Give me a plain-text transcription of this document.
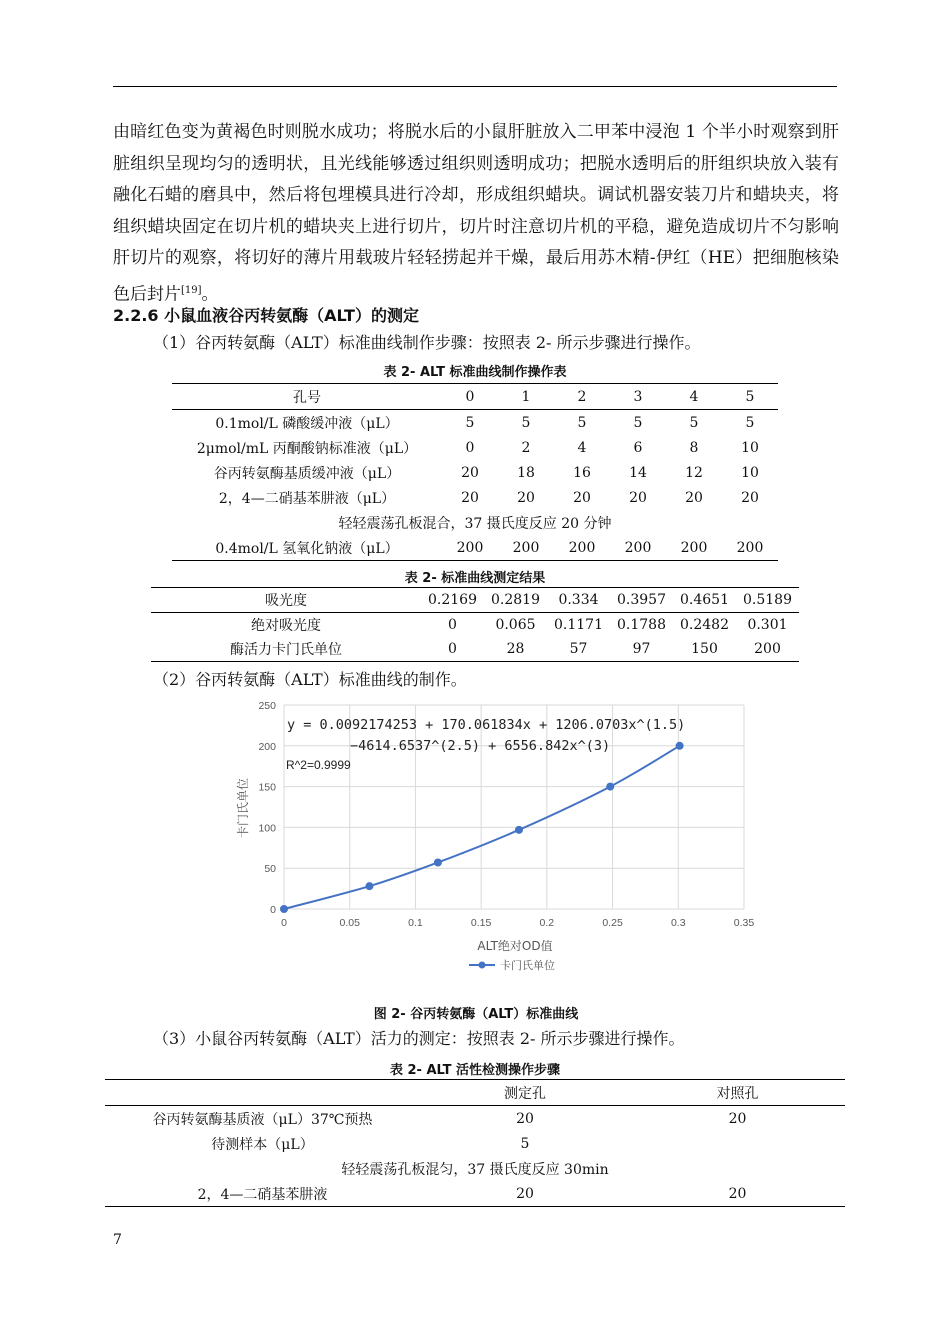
由暗红色变为黄褐色时则脱水成功；将脱水后的小鼠肝脏放入二甲苯中浸泡 1 个半小时观察到肝脏组织呈现均匀的透明状，且光线能够透过组织则透明成功；把脱水透明后的肝组织块放入装有融化石蜡的磨具中，然后将包埋模具进行冷却，形成组织蜡块。调试机器安装刀片和蜡块夹，将组织蜡块固定在切片机的蜡块夹上进行切片，切片时注意切片机的平稳，避免造成切片不匀影响肝切片的观察，将切好的薄片用载玻片轻轻捞起并干燥，最后用苏木精-伊红（HE）把细胞核染色后封片[19]。

2.2.6 小鼠血液谷丙转氨酶（ALT）的测定
（1）谷丙转氨酶（ALT）标准曲线制作步骤：按照表 2- 所示步骤进行操作。
表 2- ALT 标准曲线制作操作表
孔号	0	1	2	3	4	5
0.1mol/L 磷酸缓冲液（μL）	5	5	5	5	5	5
2μmol/mL 丙酮酸钠标准液（μL）	0	2	4	6	8	10
谷丙转氨酶基质缓冲液（μL）	20	18	16	14	12	10
2，4—二硝基苯肼液（μL）	20	20	20	20	20	20
轻轻震荡孔板混合，37 摄氏度反应 20 分钟						
0.4mol/L 氢氧化钠液（μL）	200	200	200	200	200	200
表 2- 标准曲线测定结果
吸光度	0.2169	0.2819	0.334	0.3957	0.4651	0.5189
绝对吸光度	0	0.065	0.1171	0.1788	0.2482	0.301
酶活力卡门氏单位	0	28	57	97	150	200
（2）谷丙转氨酶（ALT）标准曲线的制作。
0	0.05	0.1	0.15	0.2	0.25	0.3	0.35
0
50
100
150
200
250
y = 0.0092174253 + 170.061834x + 1206.0703x^(1.5)
−4614.6537^(2.5) + 6556.842x^(3)
R^2=0.9999
卡门氏单位
ALT绝对OD值
卡门氏单位
图 2- 谷丙转氨酶（ALT）标准曲线
（3）小鼠谷丙转氨酶（ALT）活力的测定：按照表 2- 所示步骤进行操作。
表 2- ALT 活性检测操作步骤
	测定孔	对照孔
谷丙转氨酶基质液（μL）37℃预热	20	20
待测样本（μL）	5	
轻轻震荡孔板混匀，37 摄氏度反应 30min		
2，4—二硝基苯肼液	20	20
7
